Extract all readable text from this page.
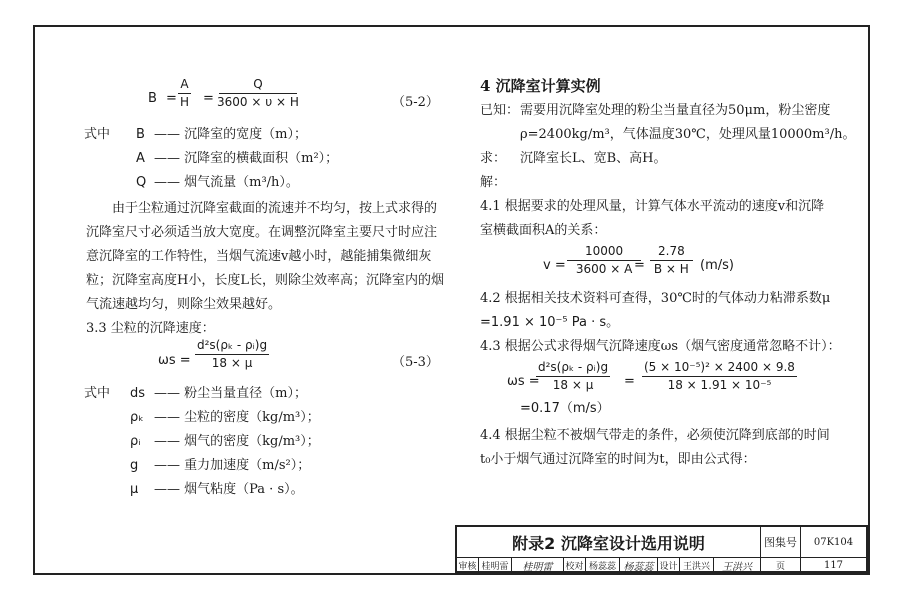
$B = \frac{A}{H} = \frac{Q}{3600 \times \upsilon \times H}$	（5-2）
式中 B —— 沉降室的宽度（m）；
A —— 沉降室的横截面积（m²）；
Q —— 烟气流量（m³/h）。
由于尘粒通过沉降室截面的流速并不均匀，按上式求得的
沉降室尺寸必须适当放大宽度。在调整沉降室主要尺寸时应注
意沉降室的工作特性，当烟气流速v越小时，越能捕集微细灰
粒；沉降室高度H小，长度L长，则除尘效率高；沉降室内的烟
气流速越均匀，则除尘效果越好。
3.3 尘粒的沉降速度：
$\omega s = \frac{\text{d²s(ρₖ - ρᵢ)g}}{18 \times \mu}$	（5-3）
式中 ds —— 粉尘当量直径（m）；
ρₖ —— 尘粒的密度（kg/m³）；
ρᵢ —— 烟气的密度（kg/m³）；
g —— 重力加速度（m/s²）；
μ —— 烟气粘度（Pa · s）。
4 沉降室计算实例
已知： 需要用沉降室处理的粉尘当量直径为50μm，粉尘密度
ρ=2400kg/m³，气体温度30℃，处理风量10000m³/h。
求： 沉降室长L、宽B、高H。
解：
4.1 根据要求的处理风量，计算气体水平流动的速度v和沉降
室横截面积A的关系：
$v = \frac{10000}{3600 \times A}$
= $\frac{2.78}{B \times H} (m/s)$
4.2 根据相关技术资料可查得，30℃时的气体动力粘滞系数μ
=1.91 × 10⁻⁵ Pa · s。
4.3 根据公式求得烟气沉降速度ωs（烟气密度通常忽略不计）：
ωs =
$\frac{\text{d²s(ρₖ - ρᵢ)g}}{18 \times \mu} = \frac{\text{(5 × 10⁻⁵)² × 2400 × 9.8}}{\text{18 × 1.91 × 10⁻⁵}}$
=0.17（m/s）
4.4 根据尘粒不被烟气带走的条件，必须使沉降到底部的时间
t₀小于烟气通过沉降室的时间为t，即由公式得：
附录2 沉降室设计选用说明	图集号	07K104
审核 桂明雷	桂明雷	校对 杨蕊蕊 杨蕊蕊 设计 王洪兴	王洪兴	页	117
